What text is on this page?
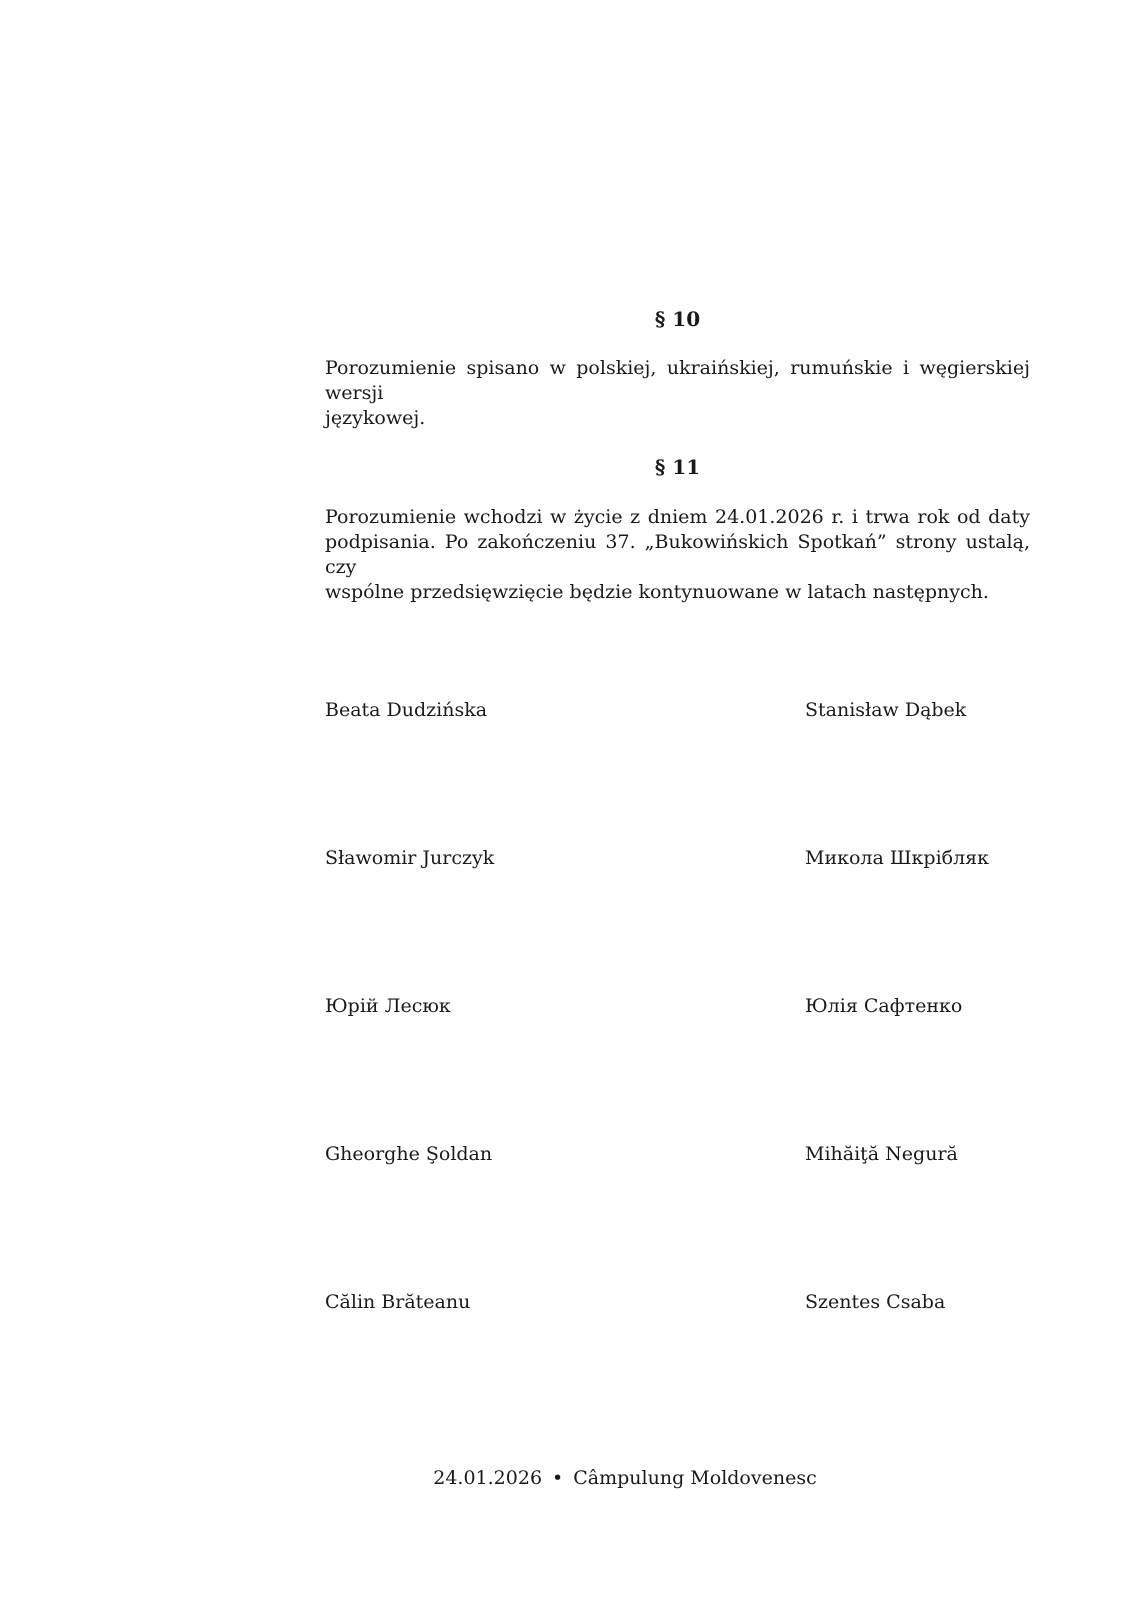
§ 10
Porozumienie spisano w polskiej, ukraińskiej, rumuńskie i węgierskiej wersji
językowej.
§ 11
Porozumienie wchodzi w życie z dniem 24.01.2026 r. i trwa rok od daty
podpisania. Po zakończeniu 37. „Bukowińskich Spotkań” strony ustalą, czy
wspólne przedsięwzięcie będzie kontynuowane w latach następnych.
Beata Dudzińska	Stanisław Dąbek
Sławomir Jurczyk	Микола Шкрібляк
Юрій Лесюк	Юлія Сафтенко
Gheorghe Şoldan	Mihăiţă Negură
Călin Brăteanu	Szentes Csaba
24.01.2026 • Câmpulung Moldovenesc
